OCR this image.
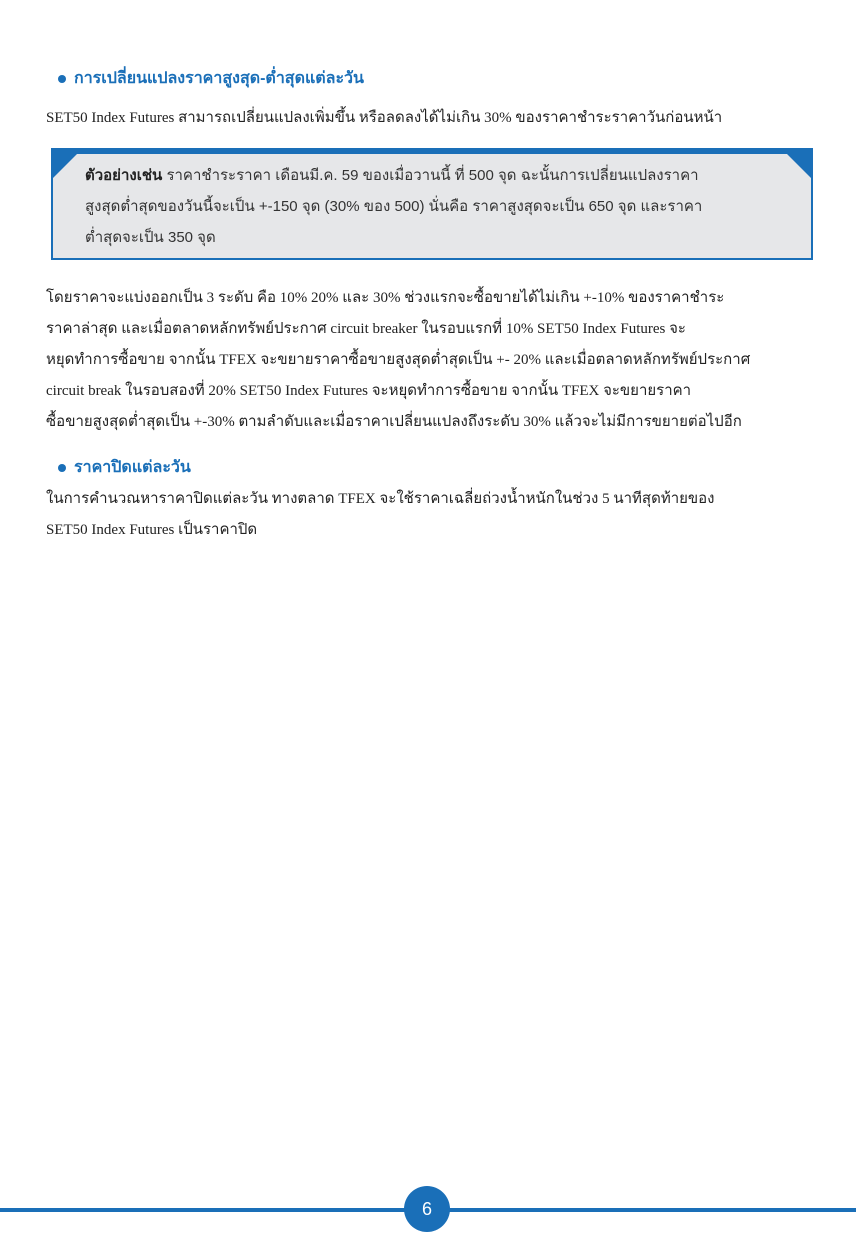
การเปลี่ยนแปลงราคาสูงสุด-ต่ำสุดแต่ละวัน
SET50 Index Futures สามารถเปลี่ยนแปลงเพิ่มขึ้น หรือลดลงได้ไม่เกิน 30% ของราคาชำระราคาวันก่อนหน้า
ตัวอย่างเช่น ราคาชำระราคา เดือนมี.ค. 59 ของเมื่อวานนี้ ที่ 500 จุด ฉะนั้นการเปลี่ยนแปลงราคา
สูงสุดต่ำสุดของวันนี้จะเป็น +-150 จุด (30% ของ 500) นั่นคือ ราคาสูงสุดจะเป็น 650 จุด และราคา
ต่ำสุดจะเป็น 350 จุด
โดยราคาจะแบ่งออกเป็น 3 ระดับ คือ 10% 20% และ 30% ช่วงแรกจะซื้อขายได้ไม่เกิน +-10% ของราคาชำระ
ราคาล่าสุด และเมื่อตลาดหลักทรัพย์ประกาศ circuit breaker ในรอบแรกที่ 10% SET50 Index Futures จะ
หยุดทำการซื้อขาย จากนั้น TFEX จะขยายราคาซื้อขายสูงสุดต่ำสุดเป็น +- 20% และเมื่อตลาดหลักทรัพย์ประกาศ
circuit break ในรอบสองที่ 20% SET50 Index Futures จะหยุดทำการซื้อขาย จากนั้น TFEX จะขยายราคา
ซื้อขายสูงสุดต่ำสุดเป็น +-30% ตามลำดับและเมื่อราคาเปลี่ยนแปลงถึงระดับ 30% แล้วจะไม่มีการขยายต่อไปอีก
ราคาปิดแต่ละวัน
ในการคำนวณหาราคาปิดแต่ละวัน ทางตลาด TFEX จะใช้ราคาเฉลี่ยถ่วงน้ำหนักในช่วง 5 นาทีสุดท้ายของ
SET50 Index Futures เป็นราคาปิด
6
